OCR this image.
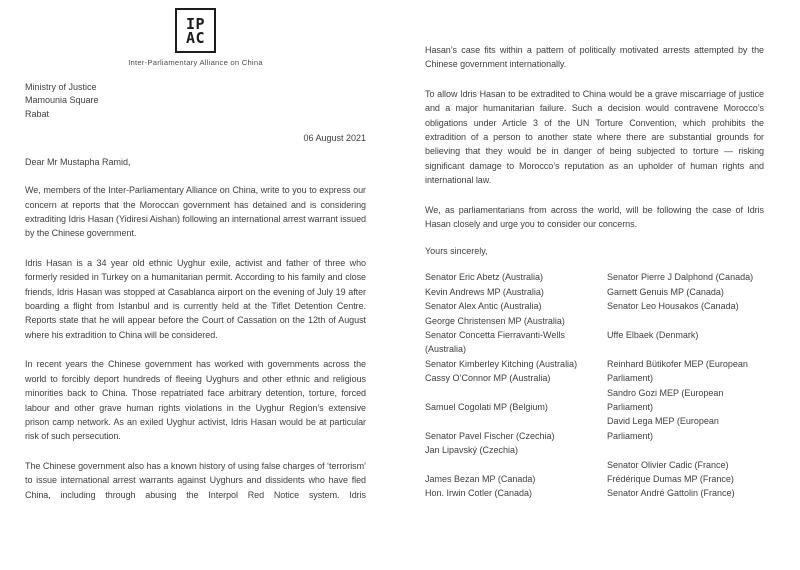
IP
AC
Inter-Parliamentary Alliance on China
Ministry of Justice
Mamounia Square
Rabat
06 August 2021
Dear Mr Mustapha Ramid,

We, members of the Inter-Parliamentary Alliance on China, write to you to express our concern at reports that the Moroccan government has detained and is considering extraditing Idris Hasan (Yidiresi Aishan) following an international arrest warrant issued by the Chinese government.

Idris Hasan is a 34 year old ethnic Uyghur exile, activist and father of three who formerly resided in Turkey on a humanitarian permit. According to his family and close friends, Idris Hasan was stopped at Casablanca airport on the evening of July 19 after boarding a flight from Istanbul and is currently held at the Tiflet Detention Centre. Reports state that he will appear before the Court of Cassation on the 12th of August where his extradition to China will be considered.

In recent years the Chinese government has worked with governments across the world to forcibly deport hundreds of fleeing Uyghurs and other ethnic and religious minorities back to China. Those repatriated face arbitrary detention, torture, forced labour and other grave human rights violations in the Uyghur Region’s extensive prison camp network. As an exiled Uyghur activist, Idris Hasan would be at particular risk of such persecution.

The Chinese government also has a known history of using false charges of ‘terrorism’ to issue international arrest warrants against Uyghurs and dissidents who have fled China, including through abusing the Interpol Red Notice system. Idris

Hasan’s case fits within a pattern of politically motivated arrests attempted by the Chinese government internationally.

To allow Idris Hasan to be extradited to China would be a grave miscarriage of justice and a major humanitarian failure. Such a decision would contravene Morocco’s obligations under Article 3 of the UN Torture Convention, which prohibits the extradition of a person to another state where there are substantial grounds for believing that they would be in danger of being subjected to torture — risking significant damage to Morocco’s reputation as an upholder of human rights and international law.

We, as parliamentarians from across the world, will be following the case of Idris Hasan closely and urge you to consider our concerns.

Yours sincerely,
Senator Eric Abetz (Australia)
Kevin Andrews MP (Australia)
Senator Alex Antic (Australia)
George Christensen MP (Australia)
Senator Concetta Fierravanti-Wells
(Australia)
Senator Kimberley Kitching (Australia)
Cassy O’Connor MP (Australia)

Samuel Cogolati MP (Belgium)

Senator Pavel Fischer (Czechia)
Jan Lipavský (Czechia)

James Bezan MP (Canada)
Hon. Irwin Cotler (Canada)
Senator Pierre J Dalphond (Canada)
Garnett Genuis MP (Canada)
Senator Leo Housakos (Canada)

Uffe Elbaek (Denmark)

Reinhard Bütikofer MEP (European
Parliament)
Sandro Gozi MEP (European
Parliament)
David Lega MEP (European
Parliament)

Senator Olivier Cadic (France)
Frédérique Dumas MP (France)
Senator André Gattolin (France)
